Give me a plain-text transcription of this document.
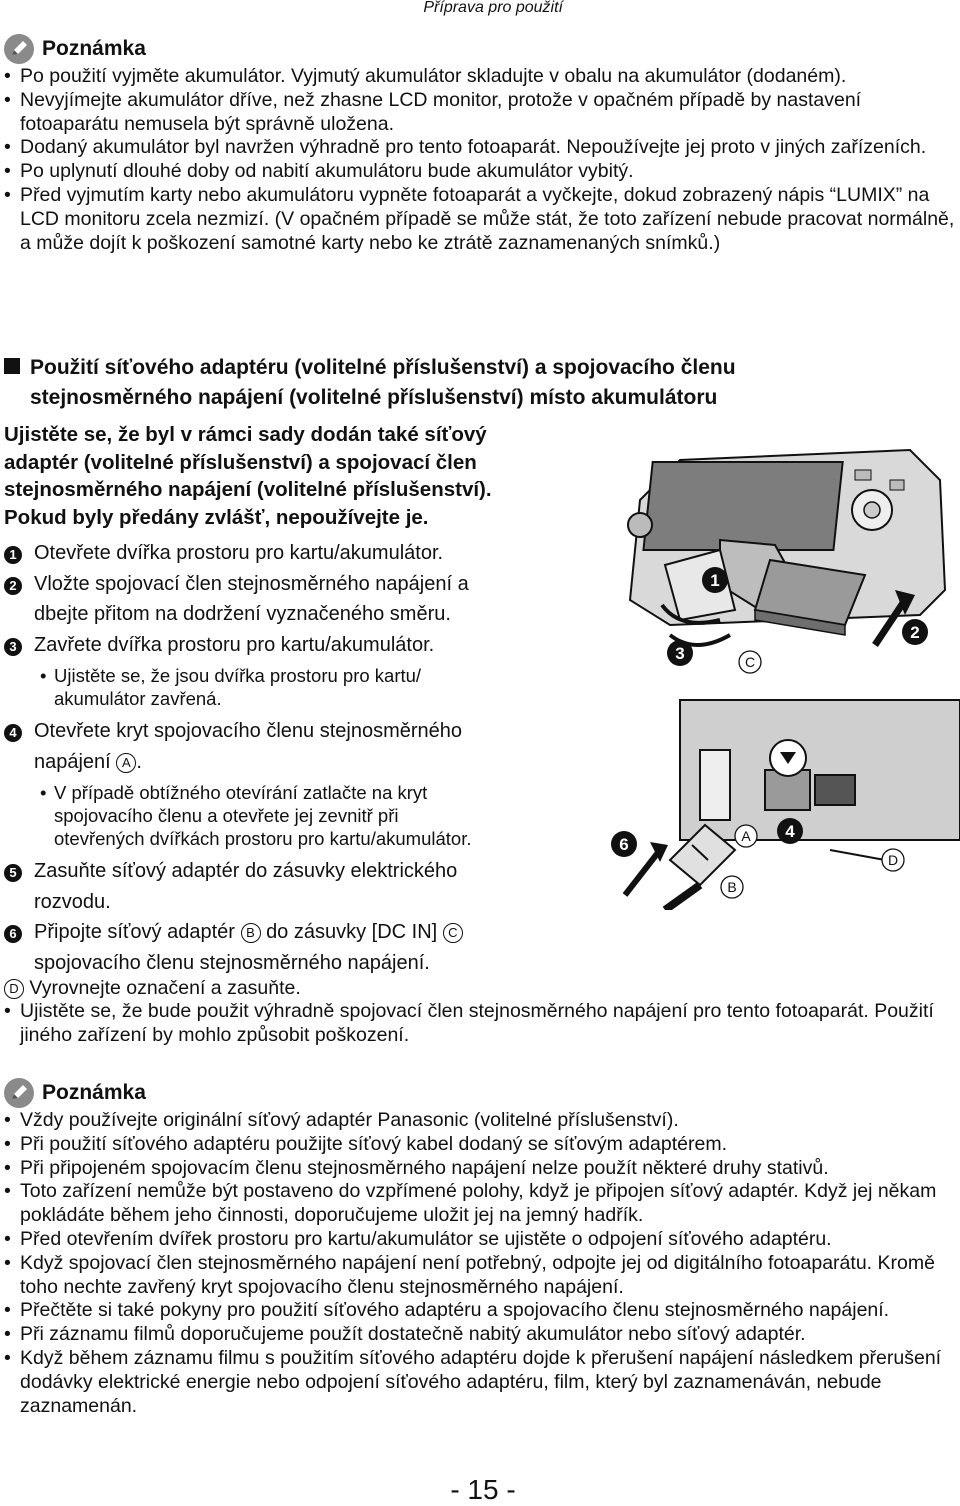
Příprava pro použití
Poznámka
• Po použití vyjměte akumulátor. Vyjmutý akumulátor skladujte v obalu na akumulátor (dodaném).
• Nevyjímejte akumulátor dříve, než zhasne LCD monitor, protože v opačném případě by nastavení fotoaparátu nemusela být správně uložena.
• Dodaný akumulátor byl navržen výhradně pro tento fotoaparát. Nepoužívejte jej proto v jiných zařízeních.
• Po uplynutí dlouhé doby od nabití akumulátoru bude akumulátor vybitý.
• Před vyjmutím karty nebo akumulátoru vypněte fotoaparát a vyčkejte, dokud zobrazený nápis “LUMIX” na LCD monitoru zcela nezmizí. (V opačném případě se může stát, že toto zařízení nebude pracovat normálně, a může dojít k poškození samotné karty nebo ke ztrátě zaznamenaných snímků.)
Použití síťového adaptéru (volitelné příslušenství) a spojovacího členu
stejnosměrného napájení (volitelné příslušenství) místo akumulátoru
Ujistěte se, že byl v rámci sady dodán také síťový
adaptér (volitelné příslušenství) a spojovací člen
stejnosměrného napájení (volitelné příslušenství).
Pokud byly předány zvlášť, nepoužívejte je.
1 Otevřete dvířka prostoru pro kartu/akumulátor.
2 Vložte spojovací člen stejnosměrného napájení a
dbejte přitom na dodržení vyznačeného směru.
3 Zavřete dvířka prostoru pro kartu/akumulátor.
• Ujistěte se, že jsou dvířka prostoru pro kartu/
akumulátor zavřená.
4 Otevřete kryt spojovacího členu stejnosměrného
napájení A .
• V případě obtížného otevírání zatlačte na kryt
spojovacího členu a otevřete jej zevnitř při
otevřených dvířkách prostoru pro kartu/akumulátor.
5 Zasuňte síťový adaptér do zásuvky elektrického
rozvodu.
6 Připojte síťový adaptér B do zásuvky [DC IN] C
spojovacího členu stejnosměrného napájení.
1
2
3
4
6
C
A
B
D
D Vyrovnejte označení a zasuňte.
• Ujistěte se, že bude použit výhradně spojovací člen stejnosměrného napájení pro tento fotoaparát. Použití jiného zařízení by mohlo způsobit poškození.
Poznámka
• Vždy používejte originální síťový adaptér Panasonic (volitelné příslušenství).
• Při použití síťového adaptéru použijte síťový kabel dodaný se síťovým adaptérem.
• Při připojeném spojovacím členu stejnosměrného napájení nelze použít některé druhy stativů.
• Toto zařízení nemůže být postaveno do vzpřímené polohy, když je připojen síťový adaptér. Když jej někam pokládáte během jeho činnosti, doporučujeme uložit jej na jemný hadřík.
• Před otevřením dvířek prostoru pro kartu/akumulátor se ujistěte o odpojení síťového adaptéru.
• Když spojovací člen stejnosměrného napájení není potřebný, odpojte jej od digitálního fotoaparátu. Kromě toho nechte zavřený kryt spojovacího členu stejnosměrného napájení.
• Přečtěte si také pokyny pro použití síťového adaptéru a spojovacího členu stejnosměrného napájení.
• Při záznamu filmů doporučujeme použít dostatečně nabitý akumulátor nebo síťový adaptér.
• Když během záznamu filmu s použitím síťového adaptéru dojde k přerušení napájení následkem přerušení dodávky elektrické energie nebo odpojení síťového adaptéru, film, který byl zaznamenáván, nebude zaznamenán.
- 15 -
